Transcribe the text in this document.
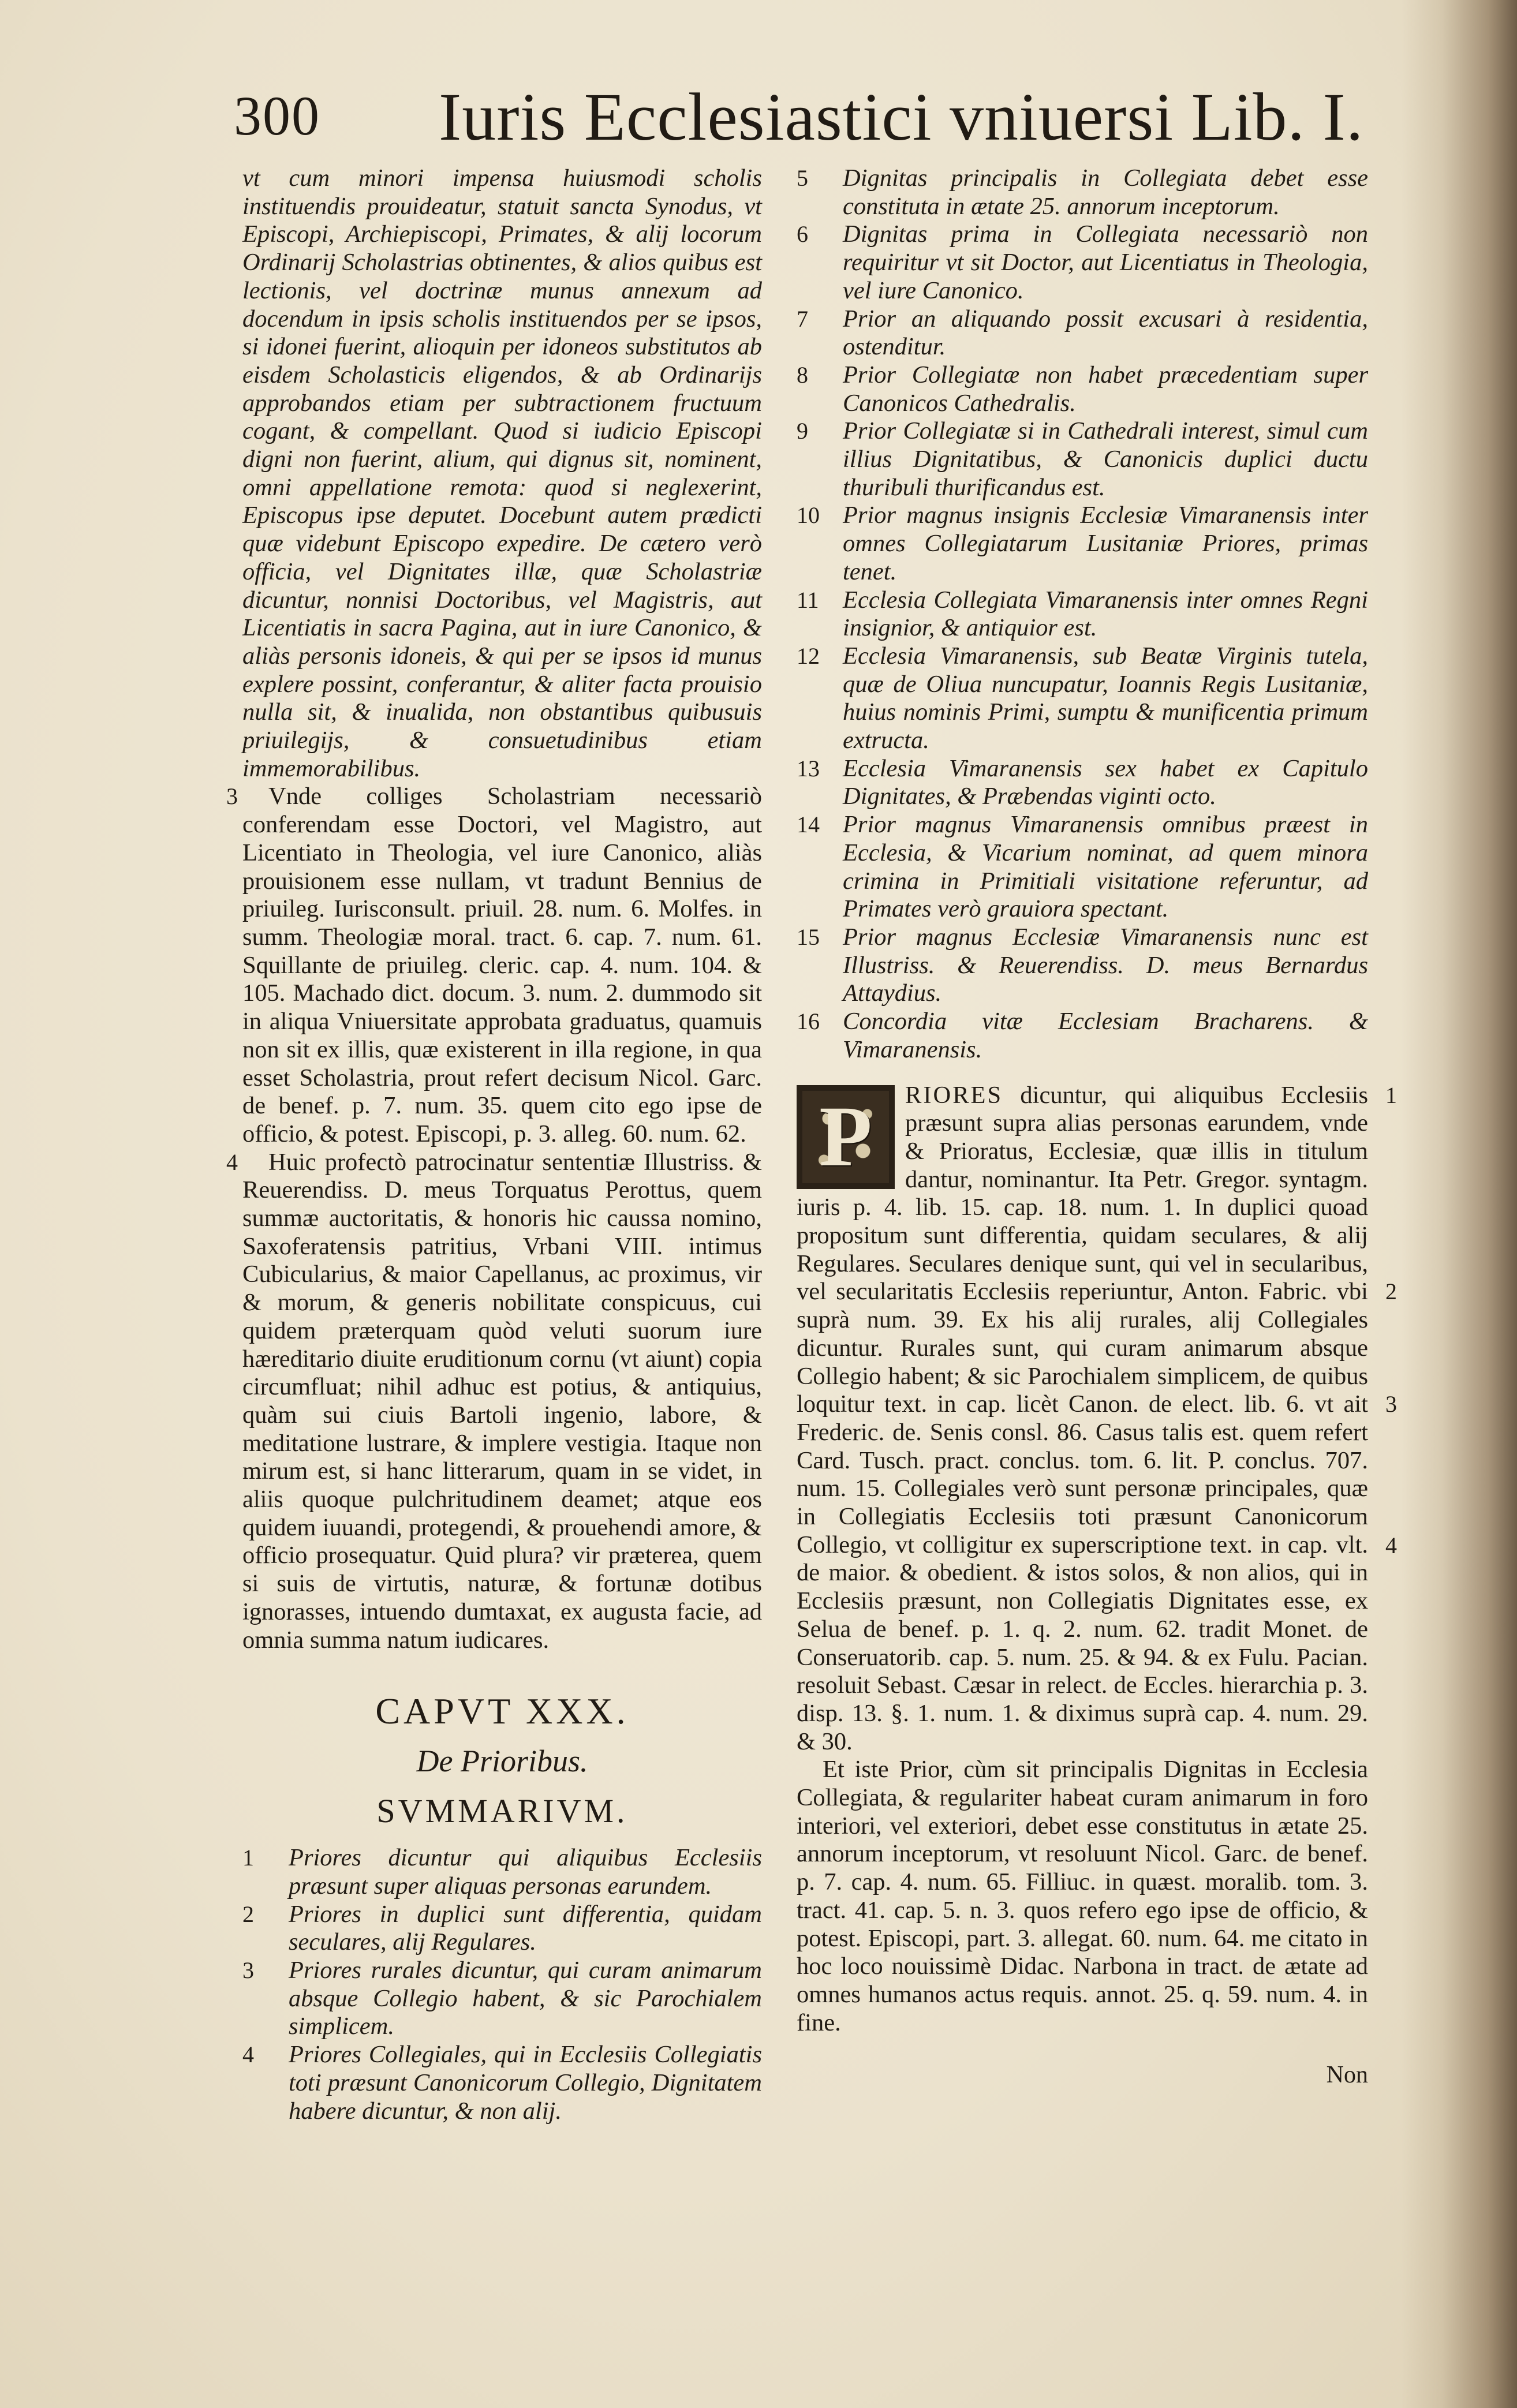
300 Iuris Ecclesiastici vniuersi Lib. I.

vt cum minori impensa huiusmodi scholis instituendis prouideatur, statuit sancta Synodus, vt Episcopi, Archiepiscopi, Primates, & alij locorum Ordinarij Scholastrias obtinentes, & alios quibus est lectionis, vel doctrinæ munus annexum ad docendum in ipsis scholis instituendos per se ipsos, si idonei fuerint, alioquin per idoneos substitutos ab eisdem Scholasticis eligendos, & ab Ordinarijs approbandos etiam per subtractionem fructuum cogant, & compellant. Quod si iudicio Episcopi digni non fuerint, alium, qui dignus sit, nominent, omni appellatione remota: quod si neglexerint, Episcopus ipse deputet. Docebunt autem prædicti quæ videbunt Episcopo expedire. De cætero verò officia, vel Dignitates illæ, quæ Scholastriæ dicuntur, nonnisi Doctoribus, vel Magistris, aut Licentiatis in sacra Pagina, aut in iure Canonico, & aliàs personis idoneis, & qui per se ipsos id munus explere possint, conferantur, & aliter facta prouisio nulla sit, & inualida, non obstantibus quibusuis priuilegijs, & consuetudinibus etiam immemorabilibus.

3	Vnde colliges Scholastriam necessariò conferendam esse Doctori, vel Magistro, aut Licentiato in Theologia, vel iure Canonico, aliàs prouisionem esse nullam, vt tradunt Bennius de priuileg. Iurisconsult. priuil. 28. num. 6. Molfes. in summ. Theologiæ moral. tract. 6. cap. 7. num. 61. Squillante de priuileg. cleric. cap. 4. num. 104. & 105. Machado dict. docum. 3. num. 2. dummodo sit in aliqua Vniuersitate approbata graduatus, quamuis non sit ex illis, quæ existerent in illa regione, in qua esset Scholastria, prout refert decisum Nicol. Garc. de benef. p. 7. num. 35. quem cito ego ipse de officio, & potest. Episcopi, p. 3. alleg. 60. num. 62.

4	Huic profectò patrocinatur sententiæ Illustriss. & Reuerendiss. D. meus Torquatus Perottus, quem summæ auctoritatis, & honoris hic caussa nomino, Saxoferatensis patritius, Vrbani VIII. intimus Cubicularius, & maior Capellanus, ac proximus, vir & morum, & generis nobilitate conspicuus, cui quidem præterquam quòd veluti suorum iure hæreditario diuite eruditionum cornu (vt aiunt) copia circumfluat; nihil adhuc est potius, & antiquius, quàm sui ciuis Bartoli ingenio, labore, & meditatione lustrare, & implere vestigia. Itaque non mirum est, si hanc litterarum, quam in se videt, in aliis quoque pulchritudinem deamet; atque eos quidem iuuandi, protegendi, & prouehendi amore, & officio prosequatur. Quid plura? vir præterea, quem si suis de virtutis, naturæ, & fortunæ dotibus ignorasses, intuendo dumtaxat, ex augusta facie, ad omnia summa natum iudicares.

CAPVT XXX.

De Prioribus.

SVMMARIVM.

1 Priores dicuntur qui aliquibus Ecclesiis præsunt super aliquas personas earundem.
2 Priores in duplici sunt differentia, quidam seculares, alij Regulares.
3 Priores rurales dicuntur, qui curam animarum absque Collegio habent, & sic Parochialem simplicem.
4 Priores Collegiales, qui in Ecclesiis Collegiatis toti præsunt Canonicorum Collegio, Dignitatem habere dicuntur, & non alij.
5 Dignitas principalis in Collegiata debet esse constituta in ætate 25. annorum inceptorum.
6 Dignitas prima in Collegiata necessariò non requiritur vt sit Doctor, aut Licentiatus in Theologia, vel iure Canonico.
7 Prior an aliquando possit excusari à residentia, ostenditur.
8 Prior Collegiatæ non habet præcedentiam super Canonicos Cathedralis.
9 Prior Collegiatæ si in Cathedrali interest, simul cum illius Dignitatibus, & Canonicis duplici ductu thuribuli thurificandus est.
10 Prior magnus insignis Ecclesiæ Vimaranensis inter omnes Collegiatarum Lusitaniæ Priores, primas tenet.
11 Ecclesia Collegiata Vimaranensis inter omnes Regni insignior, & antiquior est.
12 Ecclesia Vimaranensis, sub Beatæ Virginis tutela, quæ de Oliua nuncupatur, Ioannis Regis Lusitaniæ, huius nominis Primi, sumptu & munificentia primum extructa.
13 Ecclesia Vimaranensis sex habet ex Capitulo Dignitates, & Præbendas viginti octo.
14 Prior magnus Vimaranensis omnibus præest in Ecclesia, & Vicarium nominat, ad quem minora crimina in Primitiali visitatione referuntur, ad Primates verò grauiora spectant.
15 Prior magnus Ecclesiæ Vimaranensis nunc est Illustriss. & Reuerendiss. D. meus Bernardus Attaydius.
16 Concordia vitæ Ecclesiam Bracharens. & Vimaranensis.
1
2
3
4

P	RIORES dicuntur, qui aliquibus Ecclesiis præsunt supra alias personas earundem, vnde & Prioratus, Ecclesiæ, quæ illis in titulum dantur, nominantur. Ita Petr. Gregor. syntagm. iuris p. 4. lib. 15. cap. 18. num. 1. In duplici quoad propositum sunt differentia, quidam seculares, & alij Regulares. Seculares denique sunt, qui vel in secularibus, vel secularitatis Ecclesiis reperiuntur, Anton. Fabric. vbi suprà num. 39. Ex his alij rurales, alij Collegiales dicuntur. Rurales sunt, qui curam animarum absque Collegio habent; & sic Parochialem simplicem, de quibus loquitur text. in cap. licèt Canon. de elect. lib. 6. vt ait Frederic. de. Senis consl. 86. Casus talis est. quem refert Card. Tusch. pract. conclus. tom. 6. lit. P. conclus. 707. num. 15. Collegiales verò sunt personæ principales, quæ in Collegiatis Ecclesiis toti præsunt Canonicorum Collegio, vt colligitur ex superscriptione text. in cap. vlt. de maior. & obedient. & istos solos, & non alios, qui in Ecclesiis præsunt, non Collegiatis Dignitates esse, ex Selua de benef. p. 1. q. 2. num. 62. tradit Monet. de Conseruatorib. cap. 5. num. 25. & 94. & ex Fulu. Pacian. resoluit Sebast. Cæsar in relect. de Eccles. hierarchia p. 3. disp. 13. §. 1. num. 1. & diximus suprà cap. 4. num. 29. & 30.

Et iste Prior, cùm sit principalis Dignitas in Ecclesia Collegiata, & regulariter habeat curam animarum in foro interiori, vel exteriori, debet esse constitutus in ætate 25. annorum inceptorum, vt resoluunt Nicol. Garc. de benef. p. 7. cap. 4. num. 65. Filliuc. in quæst. moralib. tom. 3. tract. 41. cap. 5. n. 3. quos refero ego ipse de officio, & potest. Episcopi, part. 3. allegat. 60. num. 64. me citato in hoc loco nouissimè Didac. Narbona in tract. de ætate ad omnes humanos actus requis. annot. 25. q. 59. num. 4. in fine.

Non
